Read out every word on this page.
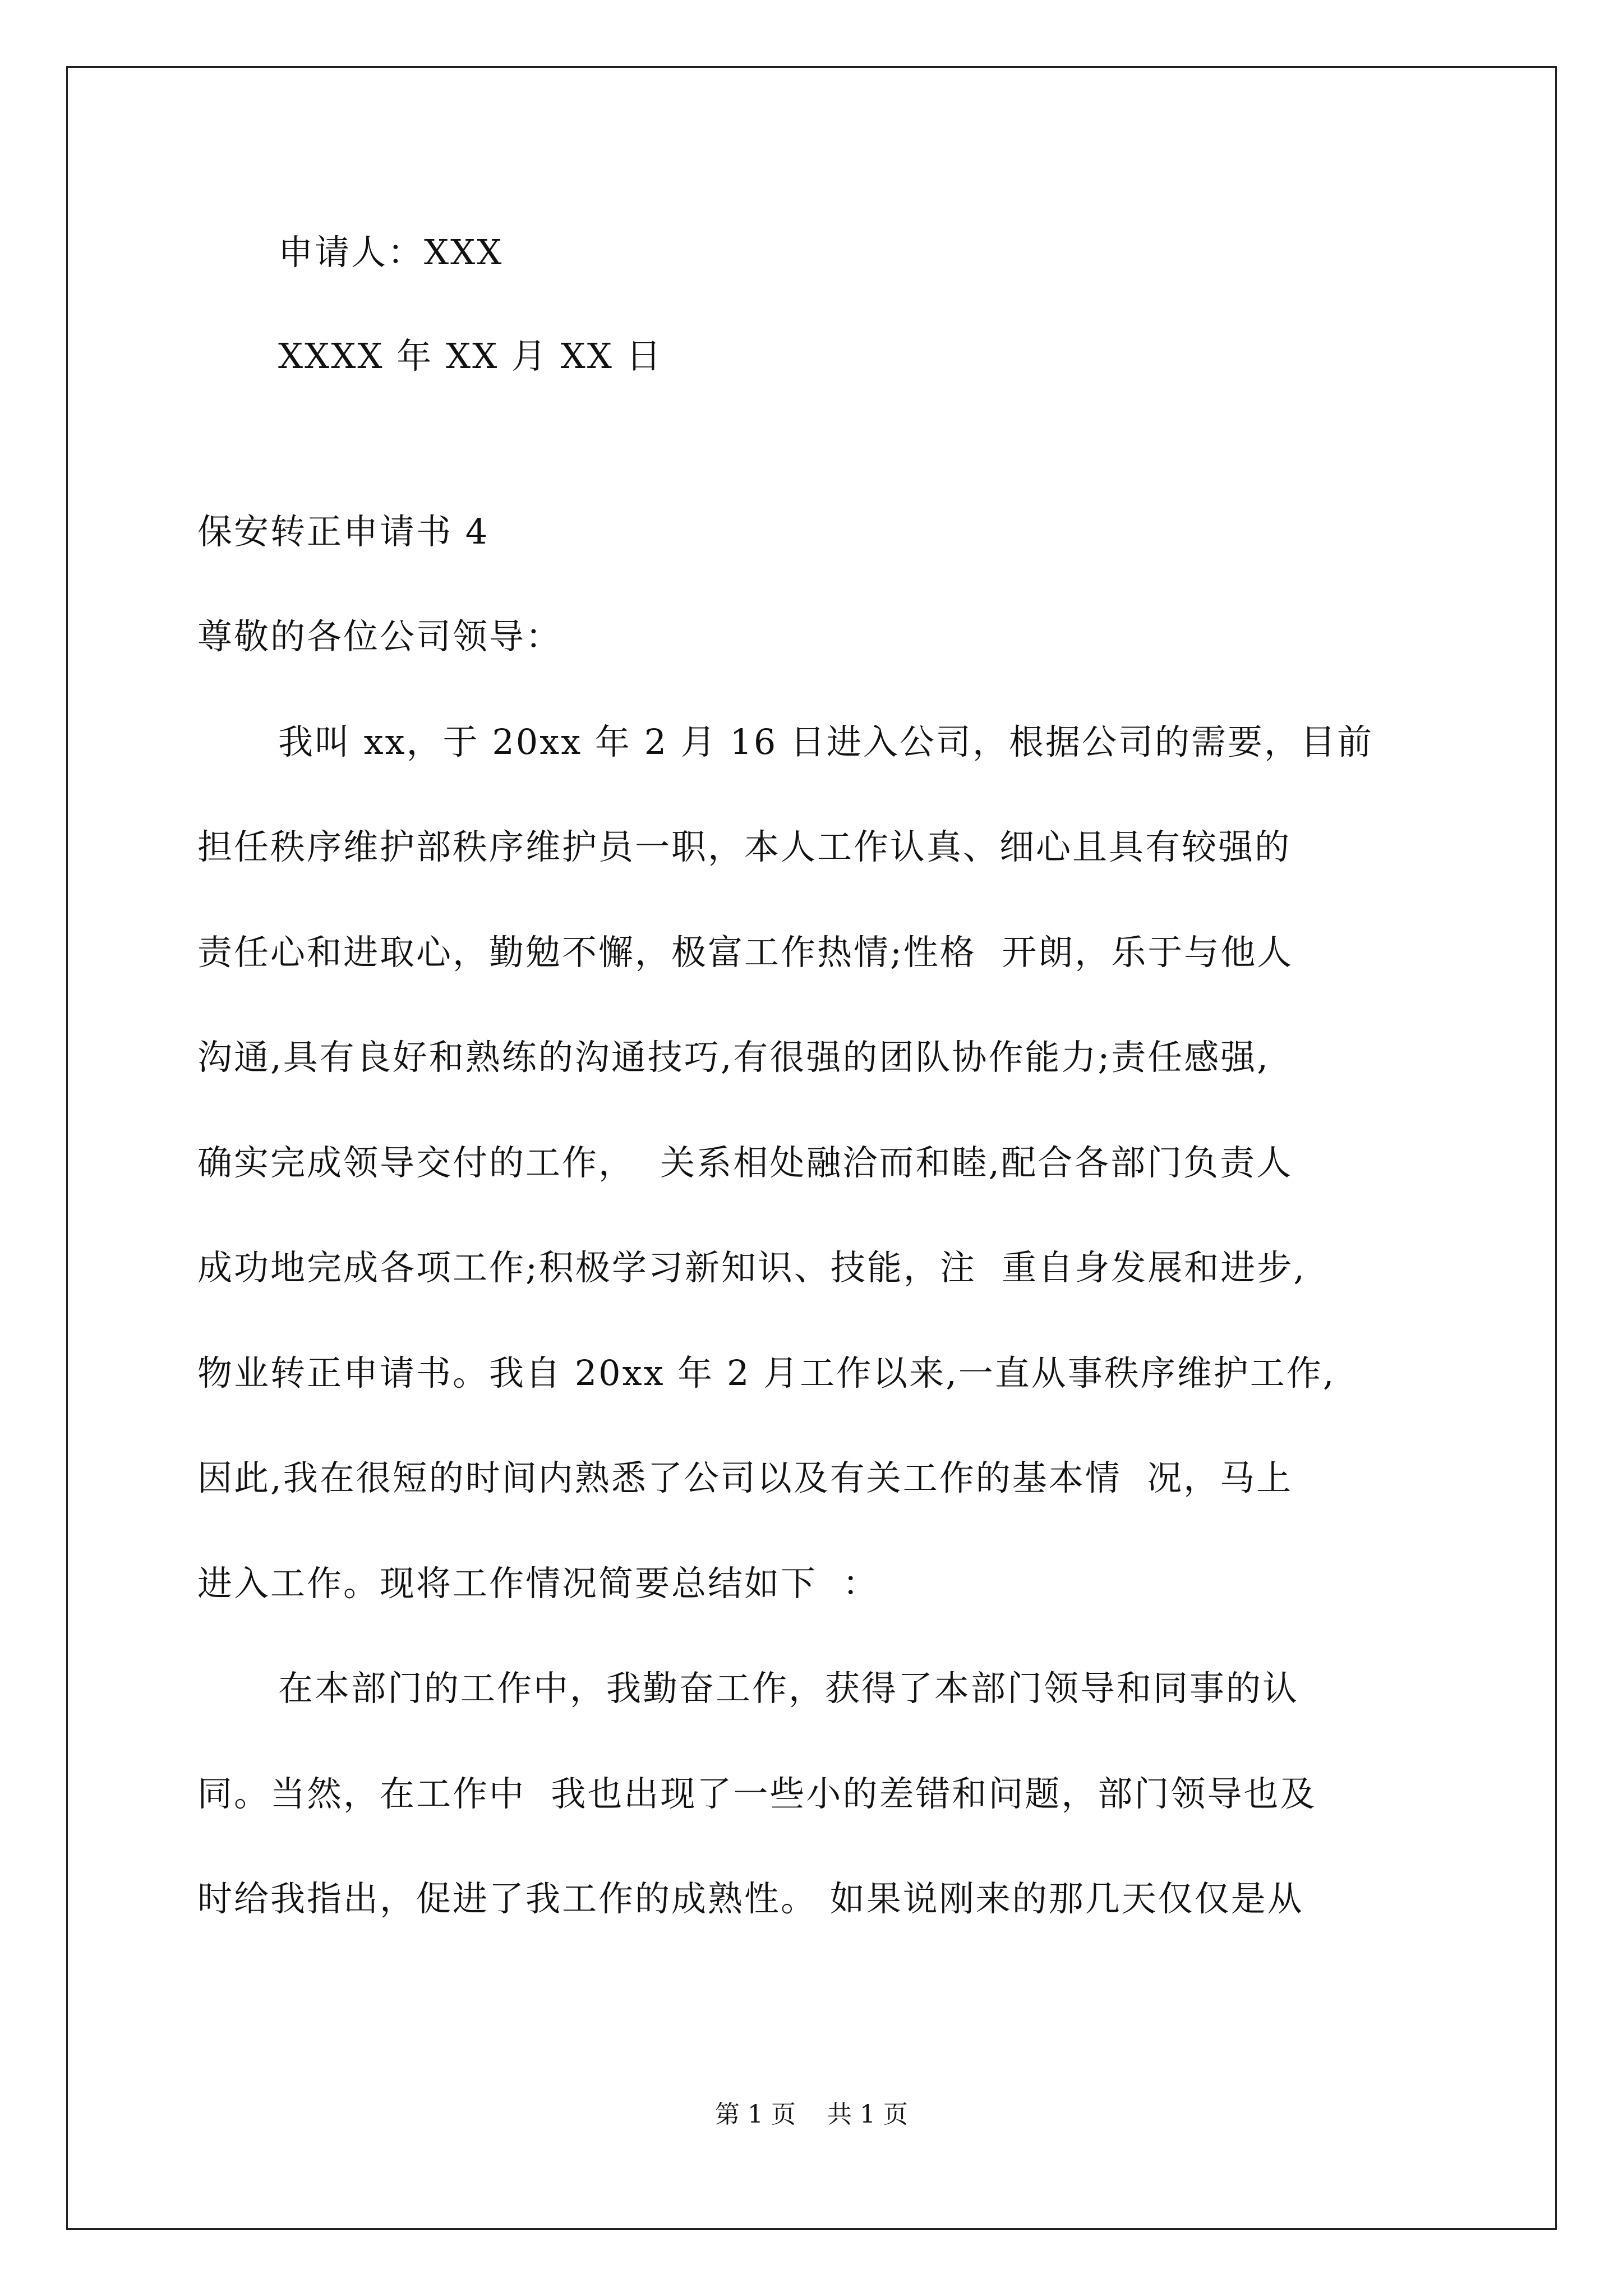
申请人：XXX
XXXX 年 XX 月 XX 日
保安转正申请书 4
尊敬的各位公司领导：
我叫 xx，于 20xx 年 2 月 16 日进入公司，根据公司的需要，目前
担任秩序维护部秩序维护员一职，本人工作认真、细心且具有较强的
责任心和进取心，勤勉不懈，极富工作热情;性格  开朗，乐于与他人
沟通,具有良好和熟练的沟通技巧,有很强的团队协作能力;责任感强,
确实完成领导交付的工作，  关系相处融洽而和睦,配合各部门负责人
成功地完成各项工作;积极学习新知识、技能，注  重自身发展和进步,
物业转正申请书。我自 20xx 年 2 月工作以来,一直从事秩序维护工作,
因此,我在很短的时间内熟悉了公司以及有关工作的基本情  况，马上
进入工作。现将工作情况简要总结如下  ：
在本部门的工作中，我勤奋工作，获得了本部门领导和同事的认
同。当然，在工作中  我也出现了一些小的差错和问题，部门领导也及
时给我指出，促进了我工作的成熟性。 如果说刚来的那几天仅仅是从
第 1 页    共 1 页
